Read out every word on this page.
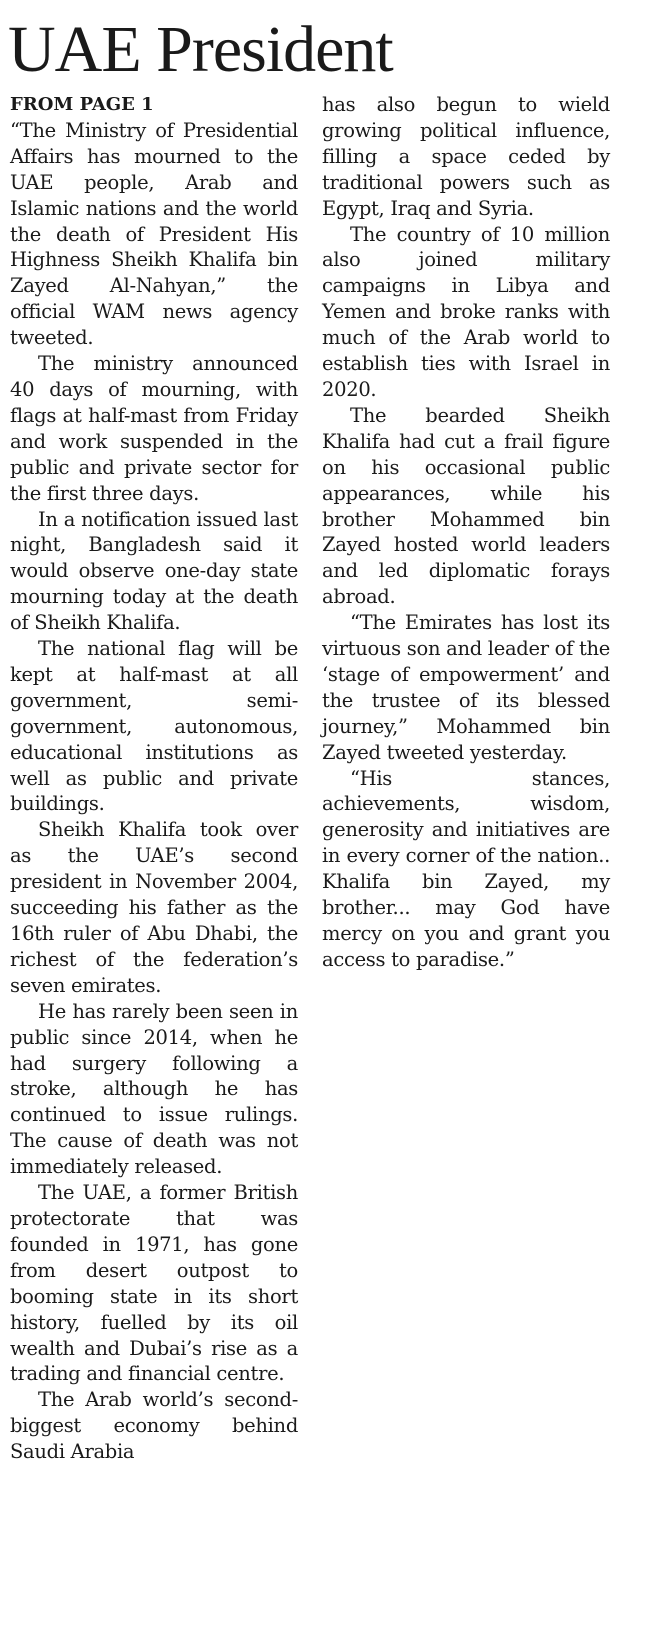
UAE President
FROM PAGE 1

“The Ministry of Presidential Affairs has mourned to the UAE people, Arab and Islamic nations and the world the death of President His Highness Sheikh Khalifa bin Zayed Al-Nahyan,” the official WAM news agency tweeted.

The ministry announced 40 days of mourning, with flags at half-mast from Friday and work suspended in the public and private sector for the first three days.

In a notification issued last night, Bangladesh said it would observe one-day state mourning today at the death of Sheikh Khalifa.

The national flag will be kept at half-mast at all government, semi-government, autonomous, educational institutions as well as public and private buildings.

Sheikh Khalifa took over as the UAE’s second president in November 2004, succeeding his father as the 16th ruler of Abu Dhabi, the richest of the federation’s seven emirates.

He has rarely been seen in public since 2014, when he had surgery following a stroke, although he has continued to issue rulings. The cause of death was not immediately released.

The UAE, a former British protectorate that was founded in 1971, has gone from desert outpost to booming state in its short history, fuelled by its oil wealth and Dubai’s rise as a trading and financial centre.

The Arab world’s second-biggest economy behind Saudi Arabia

has also begun to wield growing political influence, filling a space ceded by traditional powers such as Egypt, Iraq and Syria.

The country of 10 million also joined military campaigns in Libya and Yemen and broke ranks with much of the Arab world to establish ties with Israel in 2020.

The bearded Sheikh Khalifa had cut a frail figure on his occasional public appearances, while his brother Mohammed bin Zayed hosted world leaders and led diplomatic forays abroad.

“The Emirates has lost its virtuous son and leader of the ‘stage of empowerment’ and the trustee of its blessed journey,” Mohammed bin Zayed tweeted yesterday.

“His stances, achievements, wisdom, generosity and initiatives are in every corner of the nation.. Khalifa bin Zayed, my brother... may God have mercy on you and grant you access to paradise.”
